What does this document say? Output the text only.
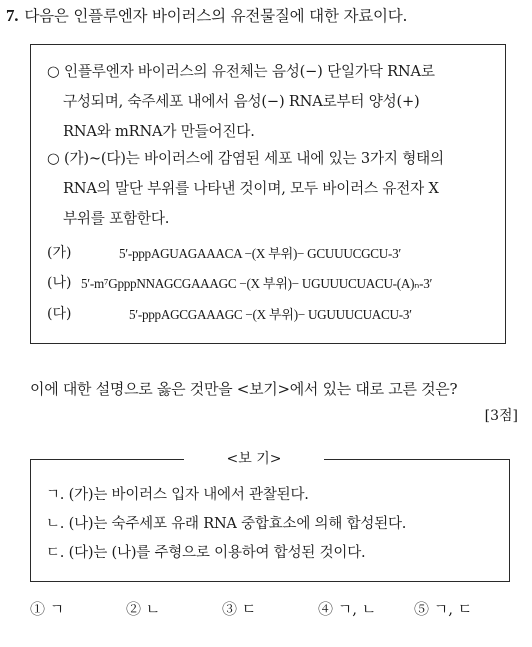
7. 다음은 인플루엔자 바이러스의 유전물질에 대한 자료이다.
○ 인플루엔자 바이러스의 유전체는 음성(−) 단일가닥 RNA로
구성되며, 숙주세포 내에서 음성(−) RNA로부터 양성(+)
RNA와 mRNA가 만들어진다.
○ (가)~(다)는 바이러스에 감염된 세포 내에 있는 3가지 형태의
RNA의 말단 부위를 나타낸 것이며, 모두 바이러스 유전자 X
부위를 포함한다.
(가)	5′-pppAGUAGAAACA −(X 부위)− GCUUUCGCU-3′
(나) 5′-m⁷GpppNNAGCGAAAGC −(X 부위)− UGUUUCUACU-(A)ₙ-3′
(다)	5′-pppAGCGAAAGC −(X 부위)− UGUUUCUACU-3′
이에 대한 설명으로 옳은 것만을 <보기>에서 있는 대로 고른 것은?
[3점]
<보 기>
ㄱ. (가)는 바이러스 입자 내에서 관찰된다.
ㄴ. (나)는 숙주세포 유래 RNA 중합효소에 의해 합성된다.
ㄷ. (다)는 (나)를 주형으로 이용하여 합성된 것이다.
① ㄱ	② ㄴ	③ ㄷ	④ ㄱ, ㄴ	⑤ ㄱ, ㄷ
